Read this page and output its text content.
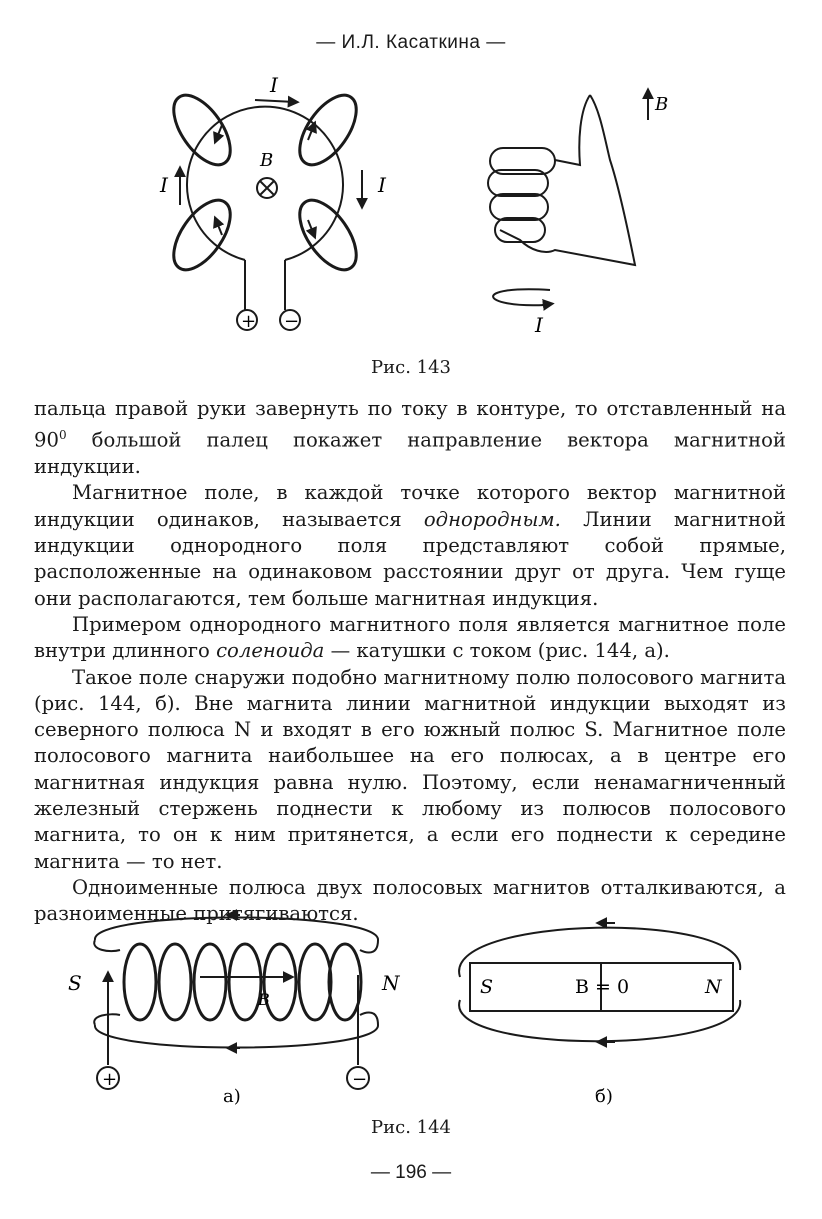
— И.Л. Касаткина —
I
I	I
B
+ −
B
I
Рис. 143

пальца правой руки завернуть по току в контуре, то отставленный на $90^0$ большой палец покажет направление вектора магнитной индукции.

Магнитное поле, в каждой точке которого вектор магнитной индукции одинаков, называется однородным. Линии магнитной индукции однородного поля представляют собой прямые, расположенные на одинаковом расстоянии друг от друга. Чем гуще они располагаются, тем больше магнитная индукция.

Примером однородного магнитного поля является магнитное поле внутри длинного соленоида — катушки с током (рис. 144, а).

Такое поле снаружи подобно магнитному полю полосового магнита (рис. 144, б). Вне магнита линии магнитной индукции выходят из северного полюса N и входят в его южный полюс S. Магнитное поле полосового магнита наибольшее на его полюсах, а в центре его магнитная индукция равна нулю. Поэтому, если ненамагниченный железный стержень поднести к любому из полюсов полосового магнита, то он к ним притянется, а если его поднести к середине магнита — то нет.

Одноименные полюса двух полосовых магнитов отталкиваются, а разноименные притягиваются.

S	N
B
+	−
S	N
B = 0
а)	б)
Рис. 144
— 196 —
